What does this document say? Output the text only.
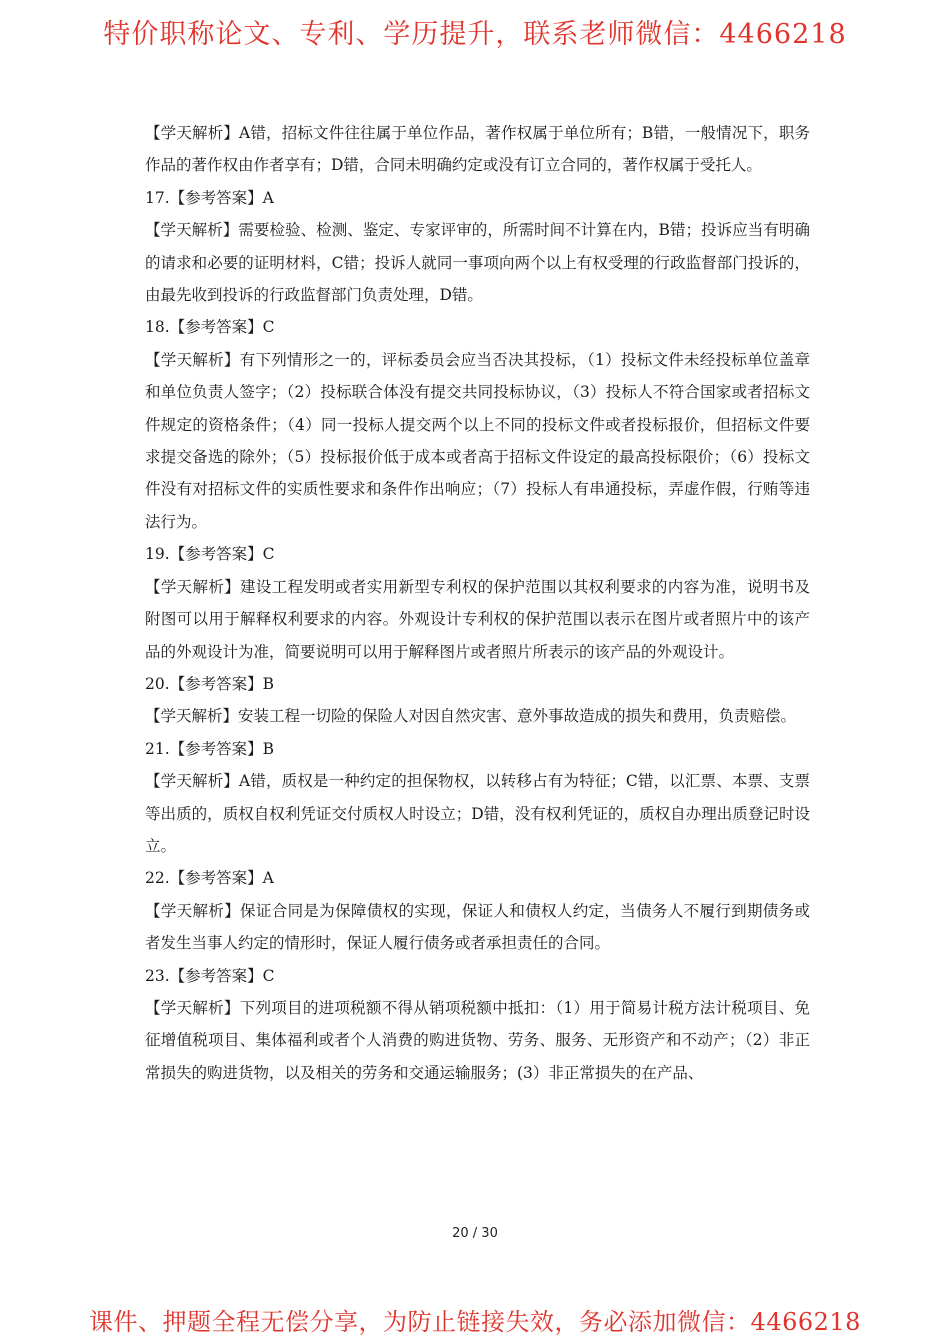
特价职称论文、专利、学历提升，联系老师微信：4466218

【学天解析】A错，招标文件往往属于单位作品，著作权属于单位所有；B错，一般情况下，职务作品的著作权由作者享有；D错，合同未明确约定或没有订立合同的，著作权属于受托人。

17.【参考答案】A

【学天解析】需要检验、检测、鉴定、专家评审的，所需时间不计算在内，B错；投诉应当有明确的请求和必要的证明材料，C错；投诉人就同一事项向两个以上有权受理的行政监督部门投诉的，由最先收到投诉的行政监督部门负责处理，D错。

18.【参考答案】C

【学天解析】有下列情形之一的，评标委员会应当否决其投标，（1）投标文件未经投标单位盖章和单位负责人签字；（2）投标联合体没有提交共同投标协议，（3）投标人不符合国家或者招标文件规定的资格条件；（4）同一投标人提交两个以上不同的投标文件或者投标报价，但招标文件要求提交备选的除外；（5）投标报价低于成本或者高于招标文件设定的最高投标限价；（6）投标文件没有对招标文件的实质性要求和条件作出响应；（7）投标人有串通投标，弄虚作假，行贿等违法行为。

19.【参考答案】C

【学天解析】建设工程发明或者实用新型专利权的保护范围以其权利要求的内容为准，说明书及附图可以用于解释权利要求的内容。外观设计专利权的保护范围以表示在图片或者照片中的该产品的外观设计为准，简要说明可以用于解释图片或者照片所表示的该产品的外观设计。

20.【参考答案】B

【学天解析】安装工程一切险的保险人对因自然灾害、意外事故造成的损失和费用，负责赔偿。

21.【参考答案】B

【学天解析】A错，质权是一种约定的担保物权，以转移占有为特征；C错，以汇票、本票、支票等出质的，质权自权利凭证交付质权人时设立；D错，没有权利凭证的，质权自办理出质登记时设立。

22.【参考答案】A

【学天解析】保证合同是为保障债权的实现，保证人和债权人约定，当债务人不履行到期债务或者发生当事人约定的情形时，保证人履行债务或者承担责任的合同。

23.【参考答案】C

【学天解析】下列项目的进项税额不得从销项税额中抵扣：（1）用于简易计税方法计税项目、免征增值税项目、集体福利或者个人消费的购进货物、劳务、服务、无形资产和不动产；（2）非正常损失的购进货物，以及相关的劳务和交通运输服务；(3）非正常损失的在产品、

20 / 30
课件、押题全程无偿分享，为防止链接失效，务必添加微信：4466218
